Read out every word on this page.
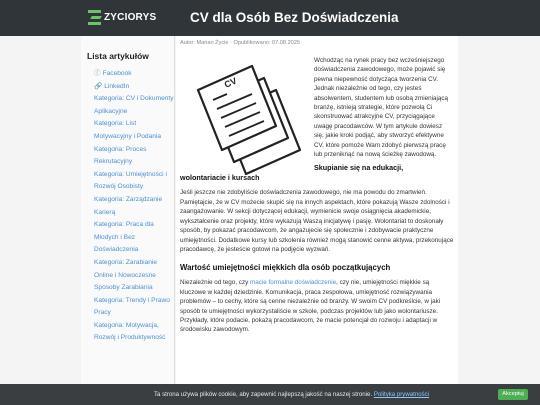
ZYCIORYS CV dla Osób Bez Doświadczenia
Lista artykułów
ⓕ Facebook
🔗 LinkedIn
Kategoria: CV i Dokumenty Aplikacyjne
Kategoria: List Motywacyjny i Podania
Kategoria: Proces Rekrutacyjny
Kategoria: Umiejętności i Rozwój Osobisty
Kategoria: Zarządzanie Karierą
Kategoria: Praca dla Młodych i Bez Doświadczenia
Kategoria: Zarabianie Online i Nowoczesne Sposoby Zarabiania
Kategoria: Trendy i Prawo Pracy
Kategoria: Motywacja, Rozwój i Produktywność
Autor: Marian Życie · Opublikowano: 07.08.2025
CV
Wchodząc na rynek pracy bez wcześniejszego doświadczenia zawodowego, może pojawić się pewna niepewność dotycząca tworzenia CV. Jednak niezależnie od tego, czy jesteś absolwentem, studentem lub osobą zmieniającą branżę, istnieją strategie, które pozwolą Ci skonstruować atrakcyjne CV, przyciągające uwagę pracodawców. W tym artykule dowiesz się, jakie kroki podjąć, aby stworzyć efektywne CV, które pomoże Wam zdobyć pierwszą pracę lub przeniknąć na nową ścieżkę zawodową.
Skupianie się na edukacji,
wolontariacie i kursach

Jeśli jeszcze nie zdobyliście doświadczenia zawodowego, nie ma powodu do zmartwień. Pamiętajcie, że w CV możecie skupić się na innych aspektach, które pokazują Wasze zdolności i zaangażowanie. W sekcji dotyczącej edukacji, wymienicie swoje osiągnięcia akademickie, wykształcenie oraz projekty, które wykazują Waszą inicjatywę i pasję. Wolontariat to doskonały sposób, by pokazać pracodawcom, że angażujecie się społecznie i zdobywacie praktyczne umiejętności. Dodatkowe kursy lub szkolenia również mogą stanowić cenne aktywa, przekonujące pracodawcę, że jesteście gotowi na podjęcie wyzwań.

Wartość umiejętności miękkich dla osób początkujących

Niezależnie od tego, czy macie formalne doświadczenie, czy nie, umiejętności miękkie są kluczowe w każdej dziedzinie. Komunikacja, praca zespołowa, umiejętność rozwiązywania problemów – to cechy, które są cenne niezależnie od branży. W swoim CV podkreślcie, w jaki sposób te umiejętności wykorzystaliście w szkole, podczas projektów lub jako wolontariusze. Przykłady, które podacie, pokażą pracodawcom, że macie potencjał do rozwoju i adaptacji w środowisku zawodowym.

Ta strona używa plików cookie, aby zapewnić najlepszą jakość na naszej stronie. Polityka prywatności	Akceptuj
